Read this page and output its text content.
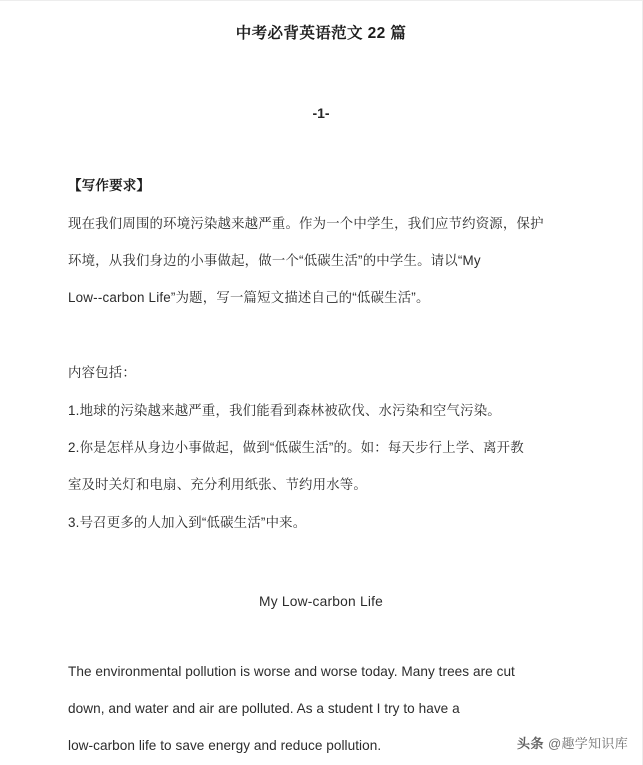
中考必背英语范文 22 篇
-1-
【写作要求】
现在我们周围的环境污染越来越严重。作为一个中学生，我们应节约资源，保护
环境，从我们身边的小事做起，做一个“低碳生活”的中学生。请以“My
Low--carbon Life”为题，写一篇短文描述自己的“低碳生活”。
内容包括：
1.地球的污染越来越严重，我们能看到森林被砍伐、水污染和空气污染。
2.你是怎样从身边小事做起，做到“低碳生活”的。如：每天步行上学、离开教
室及时关灯和电扇、充分利用纸张、节约用水等。
3.号召更多的人加入到“低碳生活”中来。
My Low-carbon Life
The environmental pollution is worse and worse today. Many trees are cut
down, and water and air are polluted. As a student I try to have a
low-carbon life to save energy and reduce pollution.	头条 @趣学知识库
